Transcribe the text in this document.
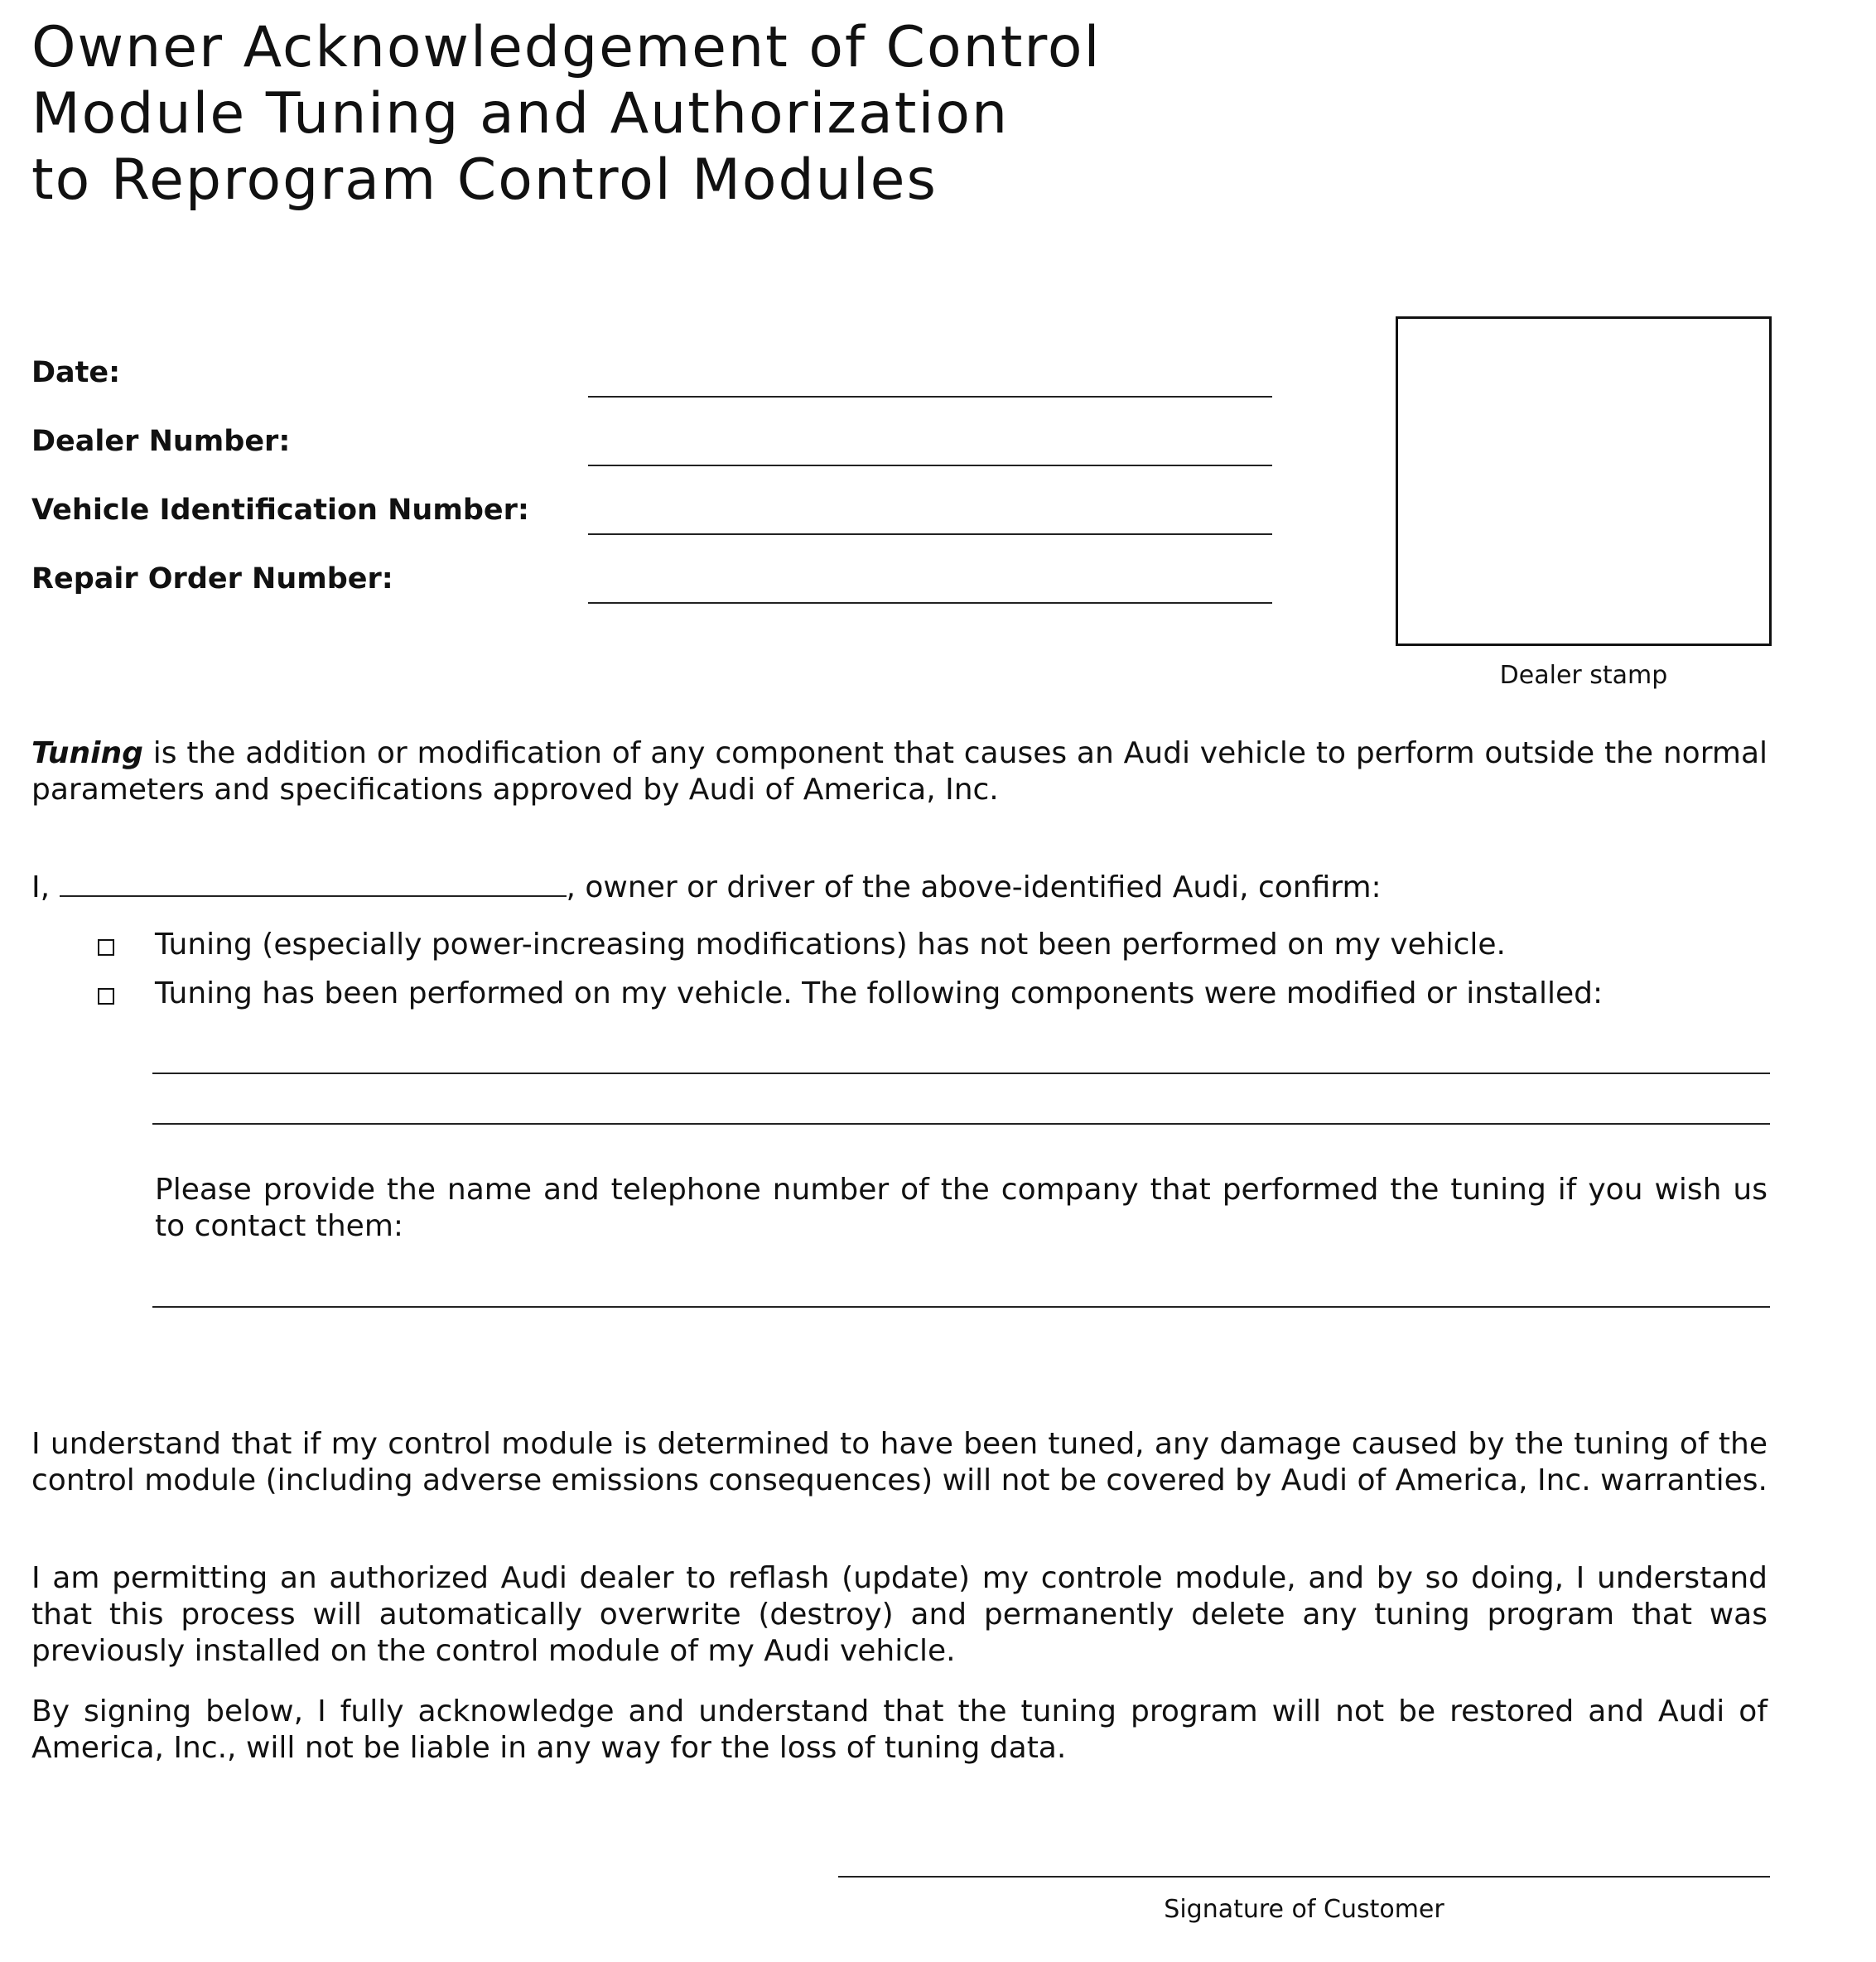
Owner Acknowledgement of Control
Module Tuning and Authorization
to Reprogram Control Modules
Date:
Dealer Number:
Vehicle Identification Number:
Repair Order Number:
Dealer stamp
Tuning is the addition or modification of any component that causes an Audi vehicle to perform outside the normal parameters and specifications approved by Audi of America, Inc.
I,	, owner or driver of the above-identified Audi, confirm:
Tuning (especially power-increasing modifications) has not been performed on my vehicle.
Tuning has been performed on my vehicle. The following components were modified or installed:
Please provide the name and telephone number of the company that performed the tuning if you wish us to contact them:
I understand that if my control module is determined to have been tuned, any damage caused by the tuning of the control module (including adverse emissions consequences) will not be covered by Audi of America, Inc. warranties.
I am permitting an authorized Audi dealer to reflash (update) my controle module, and by so doing, I understand that this process will automatically overwrite (destroy) and permanently delete any tuning program that was previously installed on the control module of my Audi vehicle.
By signing below, I fully acknowledge and understand that the tuning program will not be restored and Audi of America, Inc., will not be liable in any way for the loss of tuning data.
Signature of Customer
